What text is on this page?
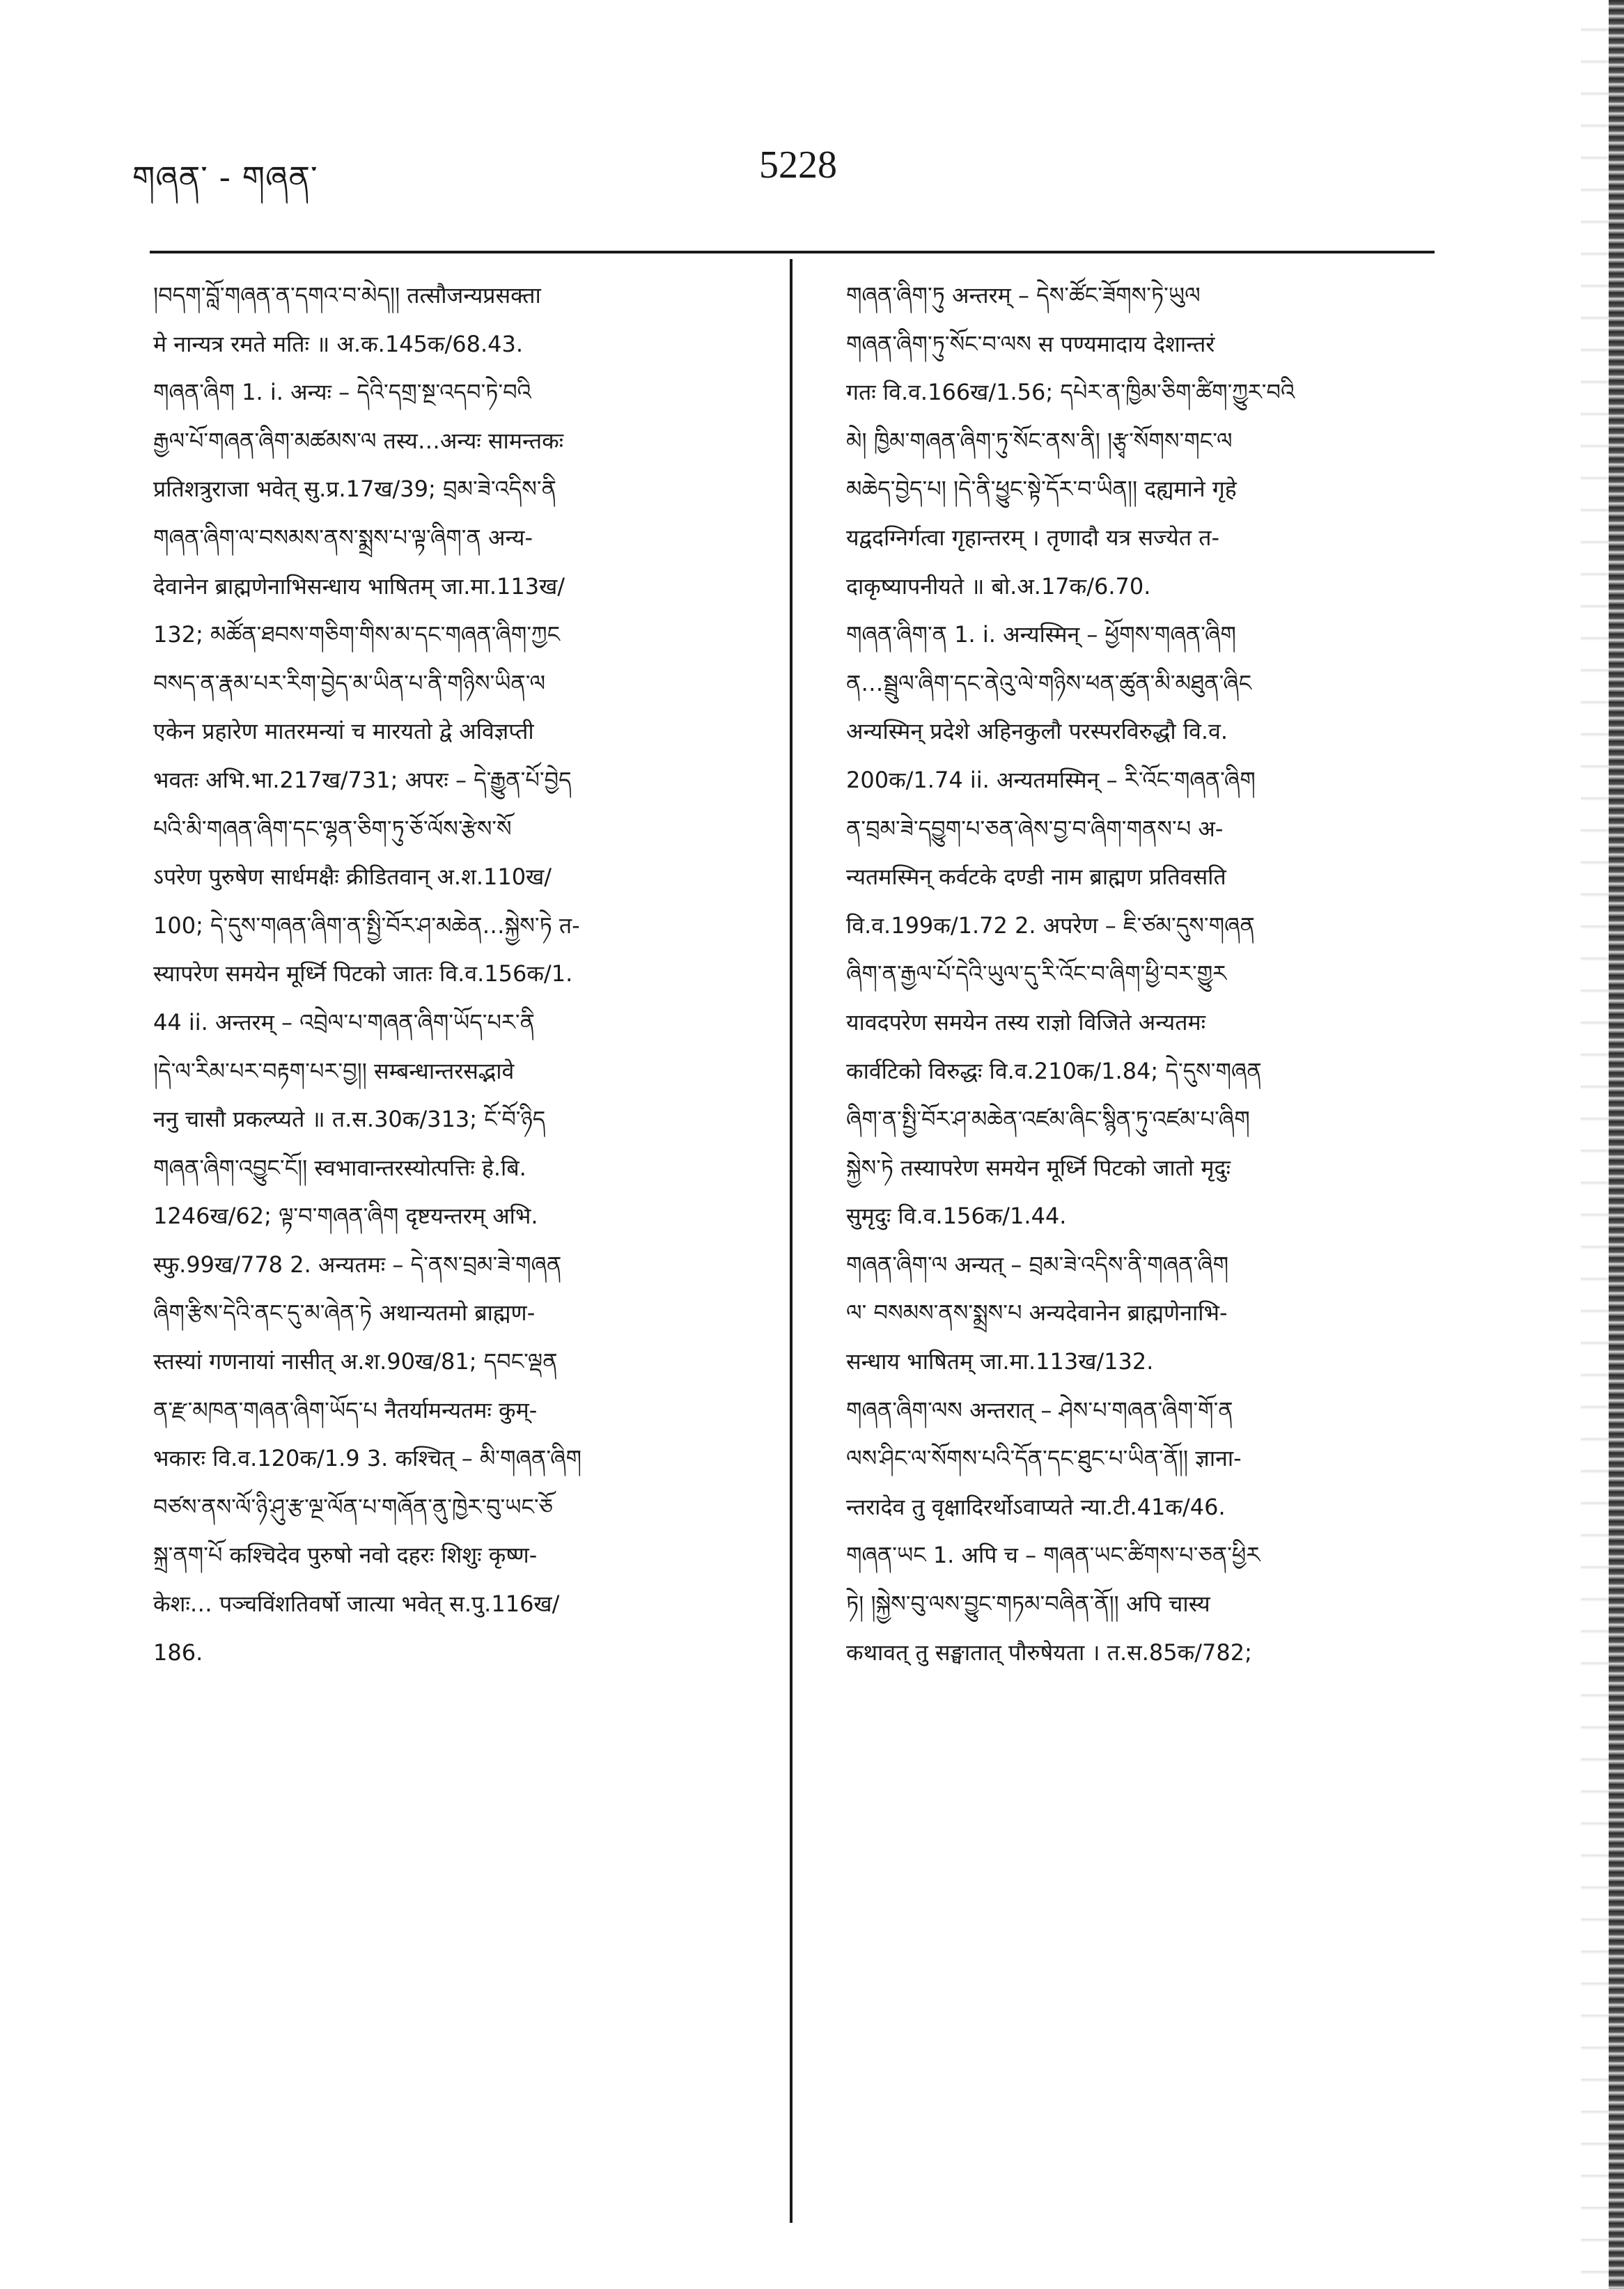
གཞན་ - གཞན་	5228
།བདག་བློ་གཞན་ན་དགའ་བ་མེད།། तत्सौजन्यप्रसक्ता
मे नान्यत्र रमते मतिः ॥ अ.क.145क/68.43.
གཞན་ཞིག 1. i. अन्यः – དེའི་དགྲ་སྔ་འདབ་ཏེ་བའི
རྒྱལ་པོ་གཞན་ཞིག་མཚམས་ལ तस्य…अन्यः सामन्तकः
प्रतिशत्रुराजा भवेत् सु.प्र.17ख/39; བྲམ་ཟེ་འདིས་ནི
གཞན་ཞིག་ལ་བསམས་ནས་སྨྲས་པ་ལྟ་ཞིག་ན अन्य-
देवानेन ब्राह्मणेनाभिसन्धाय भाषितम् जा.मा.113ख/
132; མཚོན་ཐབས་གཅིག་གིས་མ་དང་གཞན་ཞིག་ཀྱང
བསད་ན་རྣམ་པར་རིག་བྱེད་མ་ཡིན་པ་ནི་གཉིས་ཡིན་ལ
एकेन प्रहारेण मातरमन्यां च मारयतो द्वे अविज्ञप्ती
भवतः अभि.भा.217ख/731; अपरः – དེ་རྒྱུན་པོ་བྱེད
པའི་མི་གཞན་ཞིག་དང་ལྷན་ཅིག་ཏུ་ཅོ་ལོས་རྩེས་སོ
ऽपरेण पुरुषेण सार्धमक्षैः क्रीडितवान् अ.श.110ख/
100; དེ་དུས་གཞན་ཞིག་ན་སྤྱི་བོར་ཤ་མཆེན…སྐྱེས་ཏེ त-
स्यापरेण समयेन मूर्ध्नि पिटको जातः वि.व.156क/1.
44 ii. अन्तरम् – འབྲེལ་པ་གཞན་ཞིག་ཡོད་པར་ནི
།དེ་ལ་རིམ་པར་བརྟག་པར་བྱ།། सम्बन्धान्तरसद्भावे
ननु चासौ प्रकल्प्यते ॥ त.स.30क/313; ངོ་བོ་ཉིད
གཞན་ཞིག་འབྱུང་ངོ།། स्वभावान्तरस्योत्पत्तिः हे.बि.
1246ख/62; ལྟ་བ་གཞན་ཞིག दृष्टयन्तरम् अभि.
स्फु.99ख/778 2. अन्यतमः – དེ་ནས་བྲམ་ཟེ་གཞན
ཞིག་རྩིས་དེའི་ནང་དུ་མ་ཞེན་ཏེ अथान्यतमो ब्राह्मण-
स्तस्यां गणनायां नासीत् अ.श.90ख/81; དབང་ལྡན
ན་རྫ་མཁན་གཞན་ཞིག་ཡོད་པ नैतर्यामन्यतमः कुम्-
भकारः वि.व.120क/1.9 3. कश्चित् – མི་གཞན་ཞིག
བཙས་ནས་ལོ་ཉི་ཤུ་རྩ་ལྔ་ལོན་པ་གཞོན་ནུ་ཁྱེར་བུ་ཡང་ཅོ
སྐྲ་ནག་པོ कश्चिदेव पुरुषो नवो दहरः शिशुः कृष्ण-
केशः… पञ्चविंशतिवर्षो जात्या भवेत् स.पु.116ख/
186.
གཞན་ཞིག་ཏུ अन्तरम् – དེས་ཚོང་ཟོགས་ཏེ་ཡུལ
གཞན་ཞིག་ཏུ་སོང་བ་ལས स पण्यमादाय देशान्तरं
गतः वि.व.166ख/1.56; དཔེར་ན་ཁྱིམ་ཅིག་ཚིག་ཀྱུར་བའི
མེ། ཁྱིམ་གཞན་ཞིག་ཏུ་སོང་ནས་ནི། །རྩྭ་སོགས་གང་ལ
མཆེད་བྱེད་པ། །དེ་ནི་ཕྱུང་སྟེ་དོར་བ་ཡིན།། दह्यमाने गृहे
यद्वदग्निर्गत्वा गृहान्तरम् । तृणादौ यत्र सज्येत त-
दाकृष्यापनीयते ॥ बो.अ.17क/6.70.
གཞན་ཞིག་ན 1. i. अन्यस्मिन् – ཕྱོགས་གཞན་ཞིག
ན…སྦྲུལ་ཞིག་དང་ནེའུ་ལེ་གཉིས་ཕན་ཚུན་མི་མཐུན་ཞིང
अन्यस्मिन् प्रदेशे अहिनकुलौ परस्परविरुद्धौ वि.व.
200क/1.74 ii. अन्यतमस्मिन् – རི་འོང་གཞན་ཞིག
ན་བྲམ་ཟེ་དབྱུག་པ་ཅན་ཞེས་བྱ་བ་ཞིག་གནས་པ अ-
न्यतमस्मिन् कर्वटके दण्डी नाम ब्राह्मण प्रतिवसति
वि.व.199क/1.72 2. अपरेण – ཇི་ཙམ་དུས་གཞན
ཞིག་ན་རྒྱལ་པོ་དེའི་ཡུལ་དུ་རི་འོང་བ་ཞིག་ཕྱི་བར་གྱུར
यावदपरेण समयेन तस्य राज्ञो विजिते अन्यतमः
कार्वटिको विरुद्धः वि.व.210क/1.84; དེ་དུས་གཞན
ཞིག་ན་སྤྱི་བོར་ཤ་མཆེན་འཛམ་ཞིང་སྙིན་ཏུ་འཛམ་པ་ཞིག
སྐྱེས་ཏེ तस्यापरेण समयेन मूर्ध्नि पिटको जातो मृदुः
सुमृदुः वि.व.156क/1.44.
གཞན་ཞིག་ལ अन्यत् – བྲམ་ཟེ་འདིས་ནི་གཞན་ཞིག
ལ་ བསམས་ནས་སྨྲས་པ अन्यदेवानेन ब्राह्मणेनाभि-
सन्धाय भाषितम् जा.मा.113ख/132.
གཞན་ཞིག་ལས अन्तरात् – ཤེས་པ་གཞན་ཞིག་གོ་ན
ལས་ཤིང་ལ་སོགས་པའི་དོན་དང་ཐུང་པ་ཡིན་ནོ།། ज्ञाना-
न्तरादेव तु वृक्षादिरर्थोऽवाप्यते न्या.टी.41क/46.
གཞན་ཡང 1. अपि च – གཞན་ཡང་ཚིགས་པ་ཅན་ཕྱིར
ཏེ། །སྐྱེས་བུ་ལས་བྱུང་གཏམ་བཞིན་ནོ།། अपि चास्य
कथावत् तु सङ्घातात् पौरुषेयता । त.स.85क/782;
